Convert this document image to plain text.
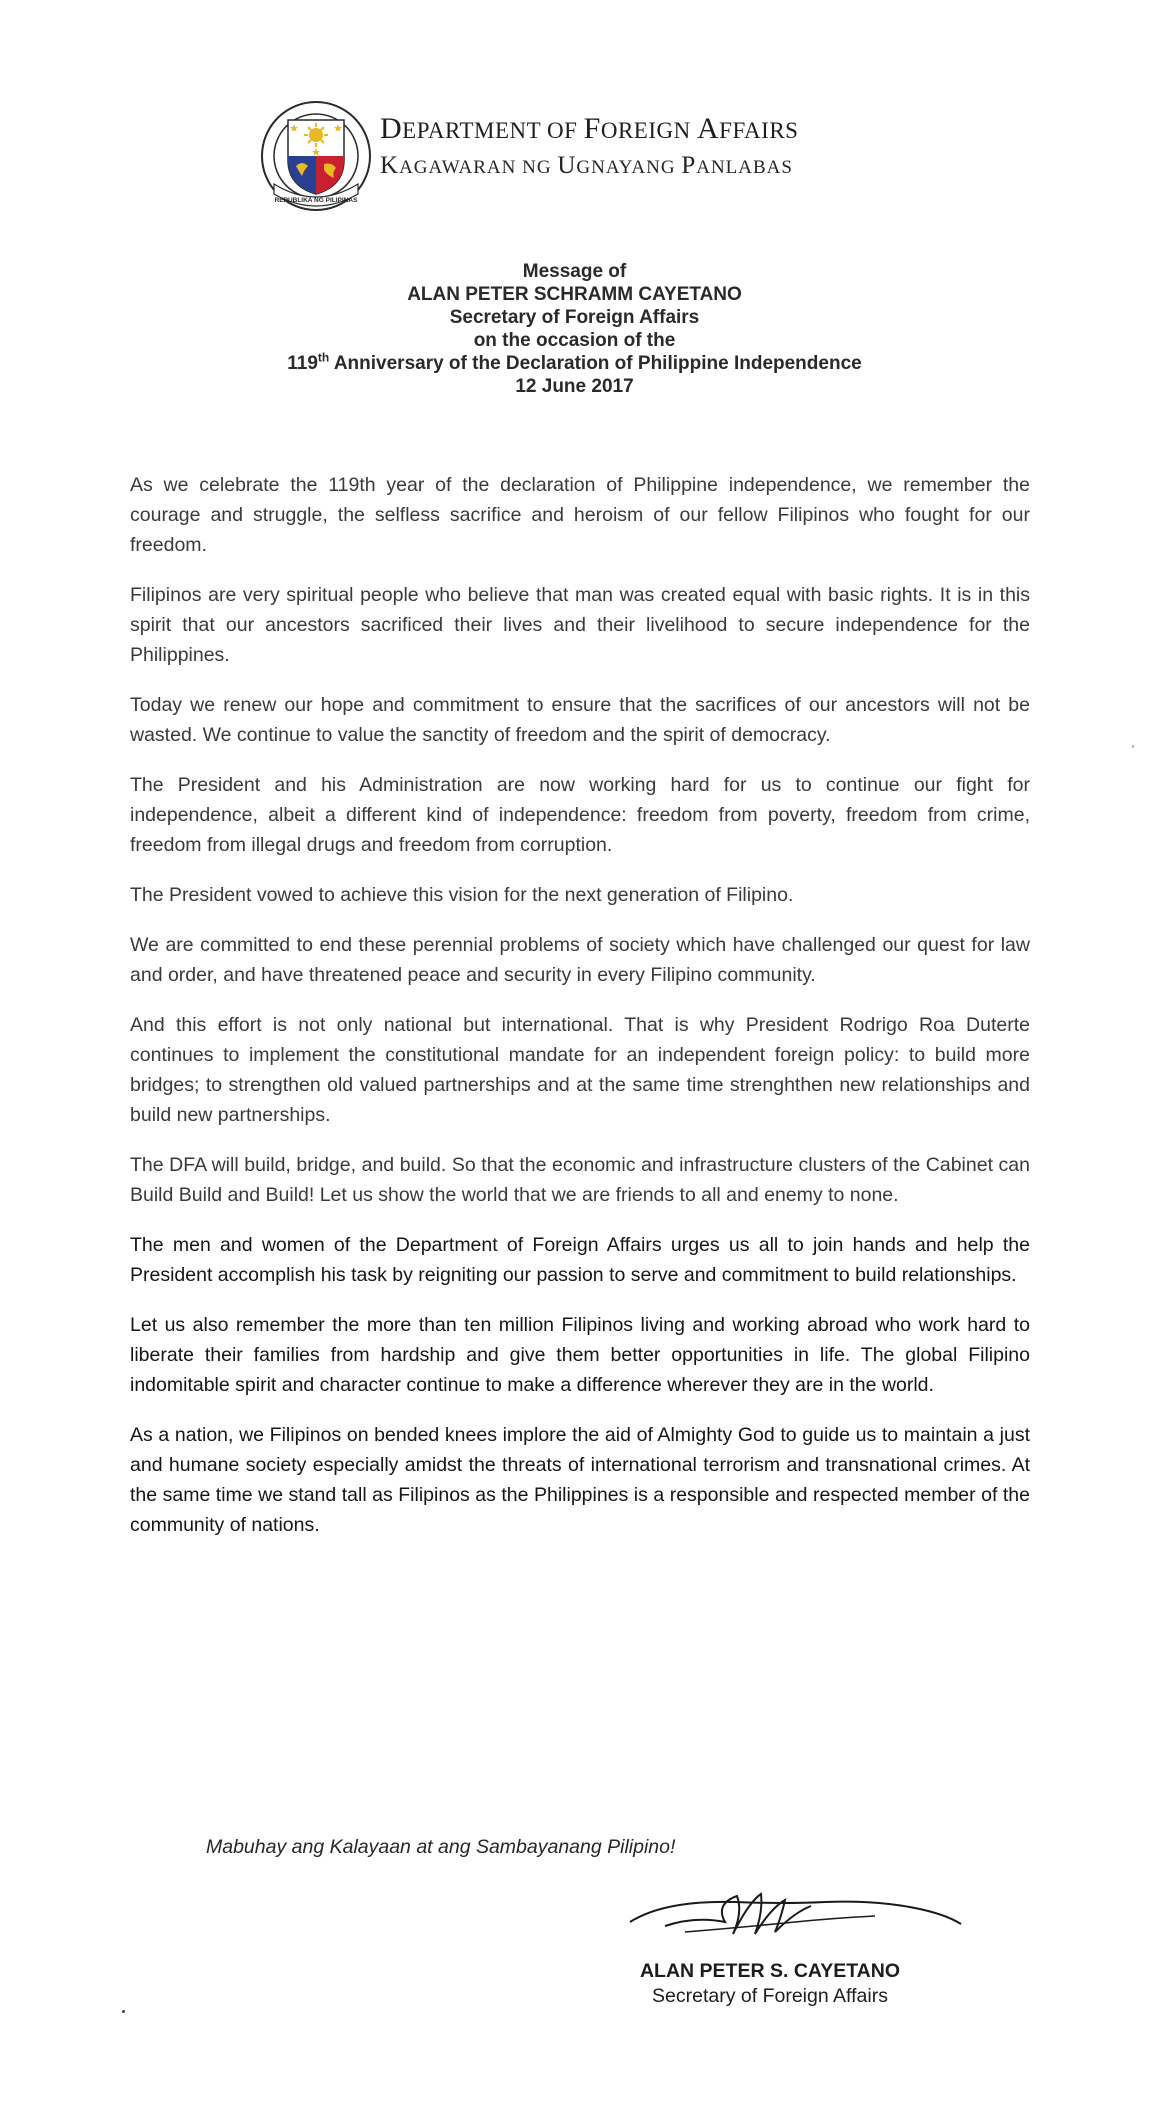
REPUBLIKA NG PILIPINAS
DEPARTMENT OF FOREIGN AFFAIRS
KAGAWARAN NG UGNAYANG PANLABAS
Message of
ALAN PETER SCHRAMM CAYETANO
Secretary of Foreign Affairs
on the occasion of the
119th Anniversary of the Declaration of Philippine Independence
12 June 2017

As we celebrate the 119th year of the declaration of Philippine independence, we remember the courage and struggle, the selfless sacrifice and heroism of our fellow Filipinos who fought for our freedom.

Filipinos are very spiritual people who believe that man was created equal with basic rights. It is in this spirit that our ancestors sacrificed their lives and their livelihood to secure independence for the Philippines.

Today we renew our hope and commitment to ensure that the sacrifices of our ancestors will not be wasted. We continue to value the sanctity of freedom and the spirit of democracy.

The President and his Administration are now working hard for us to continue our fight for independence, albeit a different kind of independence: freedom from poverty, freedom from crime, freedom from illegal drugs and freedom from corruption.

The President vowed to achieve this vision for the next generation of Filipino.

We are committed to end these perennial problems of society which have challenged our quest for law and order, and have threatened peace and security in every Filipino community.

And this effort is not only national but international. That is why President Rodrigo Roa Duterte continues to implement the constitutional mandate for an independent foreign policy: to build more bridges; to strengthen old valued partnerships and at the same time strenghthen new relationships and build new partnerships.

The DFA will build, bridge, and build. So that the economic and infrastructure clusters of the Cabinet can Build Build and Build! Let us show the world that we are friends to all and enemy to none.

The men and women of the Department of Foreign Affairs urges us all to join hands and help the President accomplish his task by reigniting our passion to serve and commitment to build relationships.

Let us also remember the more than ten million Filipinos living and working abroad who work hard to liberate their families from hardship and give them better opportunities in life. The global Filipino indomitable spirit and character continue to make a difference wherever they are in the world.

As a nation, we Filipinos on bended knees implore the aid of Almighty God to guide us to maintain a just and humane society especially amidst the threats of international terrorism and transnational crimes. At the same time we stand tall as Filipinos as the Philippines is a responsible and respected member of the community of nations.

Mabuhay ang Kalayaan at ang Sambayanang Pilipino!
ALAN PETER S. CAYETANO
Secretary of Foreign Affairs
